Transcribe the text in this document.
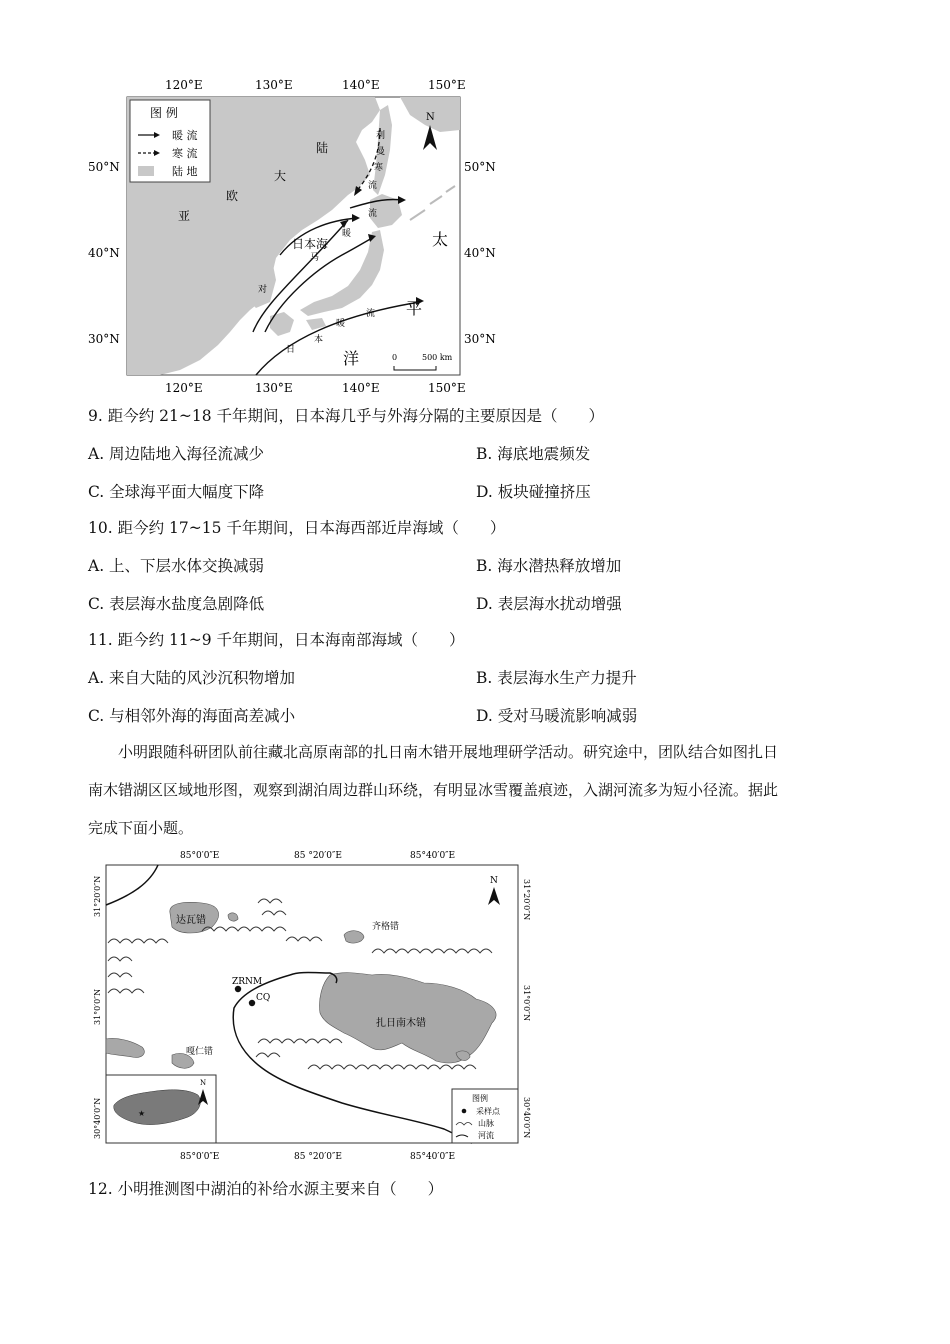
图 例
暖 流
寒 流
陆 地
N
陆
大
欧
亚
日本海	太
平
洋
利
曼
寒
流
对
马
暖
流
日
本
暖
流
0	500 km
120°E	130°E	140°E	150°E
120°E	130°E	140°E	150°E
50°N
40°N
30°N
50°N
40°N
30°N
9. 距今约 21~18 千年期间，日本海几乎与外海分隔的主要原因是（　　）
A. 周边陆地入海径流减少	B. 海底地震频发
C. 全球海平面大幅度下降	D. 板块碰撞挤压
10. 距今约 17~15 千年期间，日本海西部近岸海域（　　）
A. 上、下层水体交换减弱	B. 海水潜热释放增加
C. 表层海水盐度急剧降低	D. 表层海水扰动增强
11. 距今约 11~9 千年期间，日本海南部海域（　　）
A. 来自大陆的风沙沉积物增加	B. 表层海水生产力提升
C. 与相邻外海的海面高差减小	D. 受对马暖流影响减弱
小明跟随科研团队前往藏北高原南部的扎日南木错开展地理研学活动。研究途中，团队结合如图扎日
南木错湖区区域地形图，观察到湖泊周边群山环绕，有明显冰雪覆盖痕迹，入湖河流多为短小径流。据此
完成下面小题。
ZRNM
CQ
达瓦错
齐格错
扎日南木错
嘎仁错
N
★
N
图例
采样点
山脉
河流
85°0′0″E	85 °20′0″E	85°40′0″E
85°0′0″E	85 °20′0″E	85°40′0″E
31°20′0″N
31°0′0″N
30°40′0″N
31°20′0″N
31°0′0″N
30°40′0″N
12. 小明推测图中湖泊的补给水源主要来自（　　）
